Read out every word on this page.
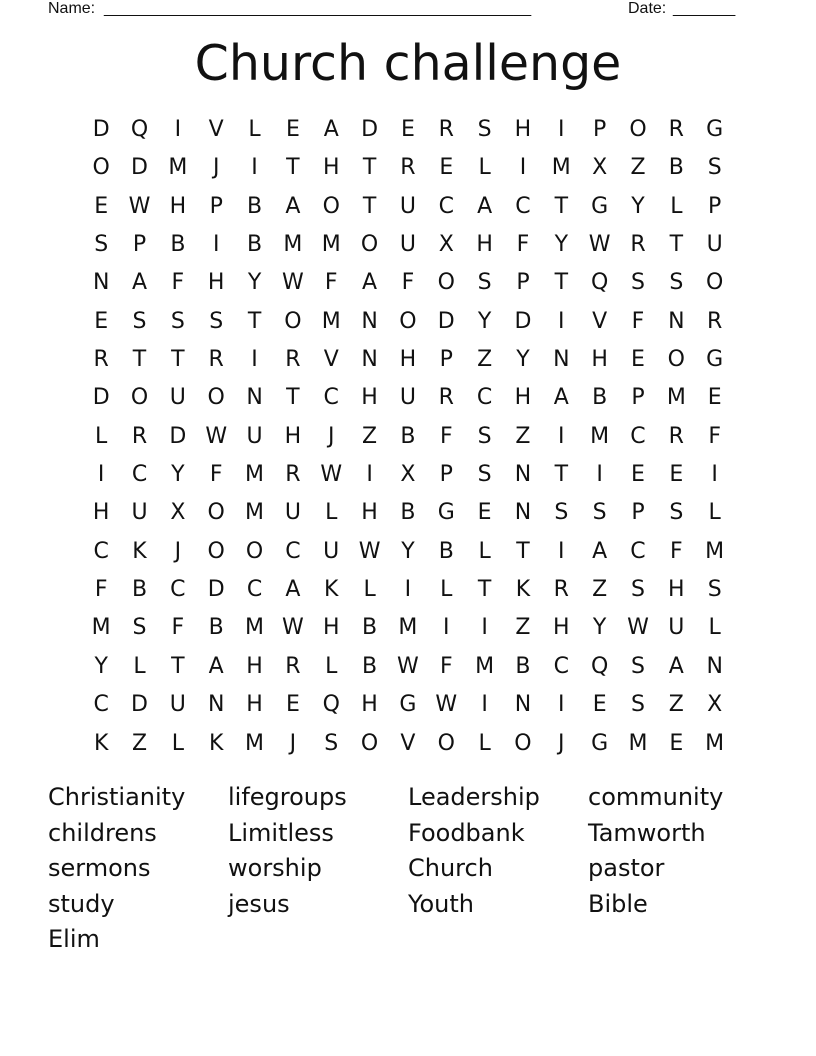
Name: ________________________________________________	Date: _______
Church challenge
D Q	I	V	L	E	A	D	E	R	S	H	I	P	O	R	G
O D M	J	I	T	H	T	R	E	L	I	M X	Z	B	S
E W H	P	B	A	O	T	U	C	A	C	T	G	Y	L	P
S	P	B	I	B M M O U	X	H	F	Y W R	T	U
N	A	F	H	Y W F	A	F	O	S	P	T	Q	S	S	O
E	S	S	S	T	O M N O D	Y	D	I	V	F	N	R
R	T	T	R	I	R	V	N H	P	Z	Y	N H	E	O G
D O U O N	T	C	H	U	R	C	H	A	B	P	M E
L	R	D W U	H	J	Z	B	F	S	Z	I	M C	R	F
I	C	Y	F	M R W	I	X	P	S	N	T	I	E	E	I
H	U	X	O M U	L	H	B	G	E	N	S	S	P	S	L
C	K	J	O O	C	U W Y	B	L	T	I	A	C	F	M
F	B	C	D	C	A	K	L	I	L	T	K	R	Z	S	H	S
M S	F	B M W H	B M	I	I	Z	H	Y W U	L
Y	L	T	A	H	R	L	B W F	M B	C Q	S	A	N
C	D U	N H	E	Q H G W	I	N	I	E	S	Z	X
K	Z	L	K M	J	S	O	V	O	L	O	J	G M E M
Christianity	lifegroups	Leadership	community
childrens	Limitless	Foodbank	Tamworth
sermons	worship	Church	pastor
study	jesus	Youth	Bible
Elim
